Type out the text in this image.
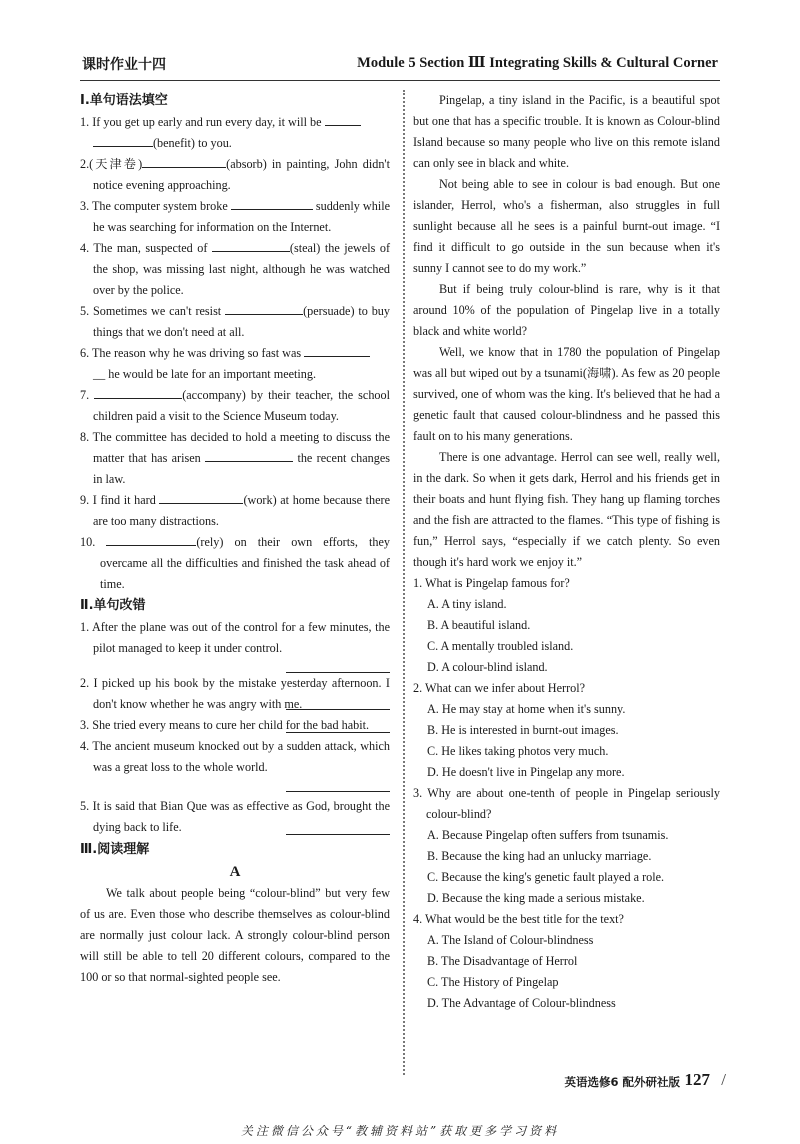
课时作业十四	Module 5 Section Ⅲ Integrating Skills & Cultural Corner
Ⅰ.单句语法填空
1. If you get up early and run every day, it will be
(benefit) to you.
2.(天津卷)	(absorb) in painting, John didn't notice evening approaching.
3. The computer system broke	suddenly while he was searching for information on the Internet.
4. The man, suspected of	(steal) the jewels of the shop, was missing last night, although he was watched over by the police.
5. Sometimes we can't resist	(persuade) to buy things that we don't need at all.
6. The reason why he was driving so fast was
__ he would be late for an important meeting.
7.	(accompany) by their teacher, the school children paid a visit to the Science Museum today.
8. The committee has decided to hold a meeting to discuss the matter that has arisen	the recent changes in law.
9. I find it hard	(work) at home because there are too many distractions.
10.	(rely) on their own efforts, they overcame all the difficulties and finished the task ahead of time.
Ⅱ.单句改错
1. After the plane was out of the control for a few minutes, the pilot managed to keep it under control.
2. I picked up his book by the mistake yesterday afternoon. I don't know whether he was angry with me.
3. She tried every means to cure her child for the bad habit.
4. The ancient museum knocked out by a sudden attack, which was a great loss to the whole world.
5. It is said that Bian Que was as effective as God, brought the dying back to life.
Ⅲ.阅读理解
A
We talk about people being “colour-blind” but very few of us are. Even those who describe themselves as colour-blind are normally just colour lack. A strongly colour-blind person will still be able to tell 20 different colours, compared to the 100 or so that normal-sighted people see.
Pingelap, a tiny island in the Pacific, is a beautiful spot but one that has a specific trouble. It is known as Colour-blind Island because so many people who live on this remote island can only see in black and white.
Not being able to see in colour is bad enough. But one islander, Herrol, who's a fisherman, also struggles in full sunlight because all he sees is a painful burnt-out image. “I find it difficult to go outside in the sun because when it's sunny I cannot see to do my work.”
But if being truly colour-blind is rare, why is it that around 10% of the population of Pingelap live in a totally black and white world?
Well, we know that in 1780 the population of Pingelap was all but wiped out by a tsunami(海啸). As few as 20 people survived, one of whom was the king. It's believed that he had a genetic fault that caused colour-blindness and he passed this fault on to his many generations.
There is one advantage. Herrol can see well, really well, in the dark. So when it gets dark, Herrol and his friends get in their boats and hunt flying fish. They hang up flaming torches and the fish are attracted to the flames. “This type of fishing is fun,” Herrol says, “especially if we catch plenty. So even though it's hard work we enjoy it.”
1. What is Pingelap famous for?
A. A tiny island.
B. A beautiful island.
C. A mentally troubled island.
D. A colour-blind island.
2. What can we infer about Herrol?
A. He may stay at home when it's sunny.
B. He is interested in burnt-out images.
C. He likes taking photos very much.
D. He doesn't live in Pingelap any more.
3. Why are about one-tenth of people in Pingelap seriously colour-blind?
A. Because Pingelap often suffers from tsunamis.
B. Because the king had an unlucky marriage.
C. Because the king's genetic fault played a role.
D. Because the king made a serious mistake.
4. What would be the best title for the text?
A. The Island of Colour-blindness
B. The Disadvantage of Herrol
C. The History of Pingelap
D. The Advantage of Colour-blindness
英语选修6 配外研社版 127 /
关注微信公众号“教辅资料站”获取更多学习资料
